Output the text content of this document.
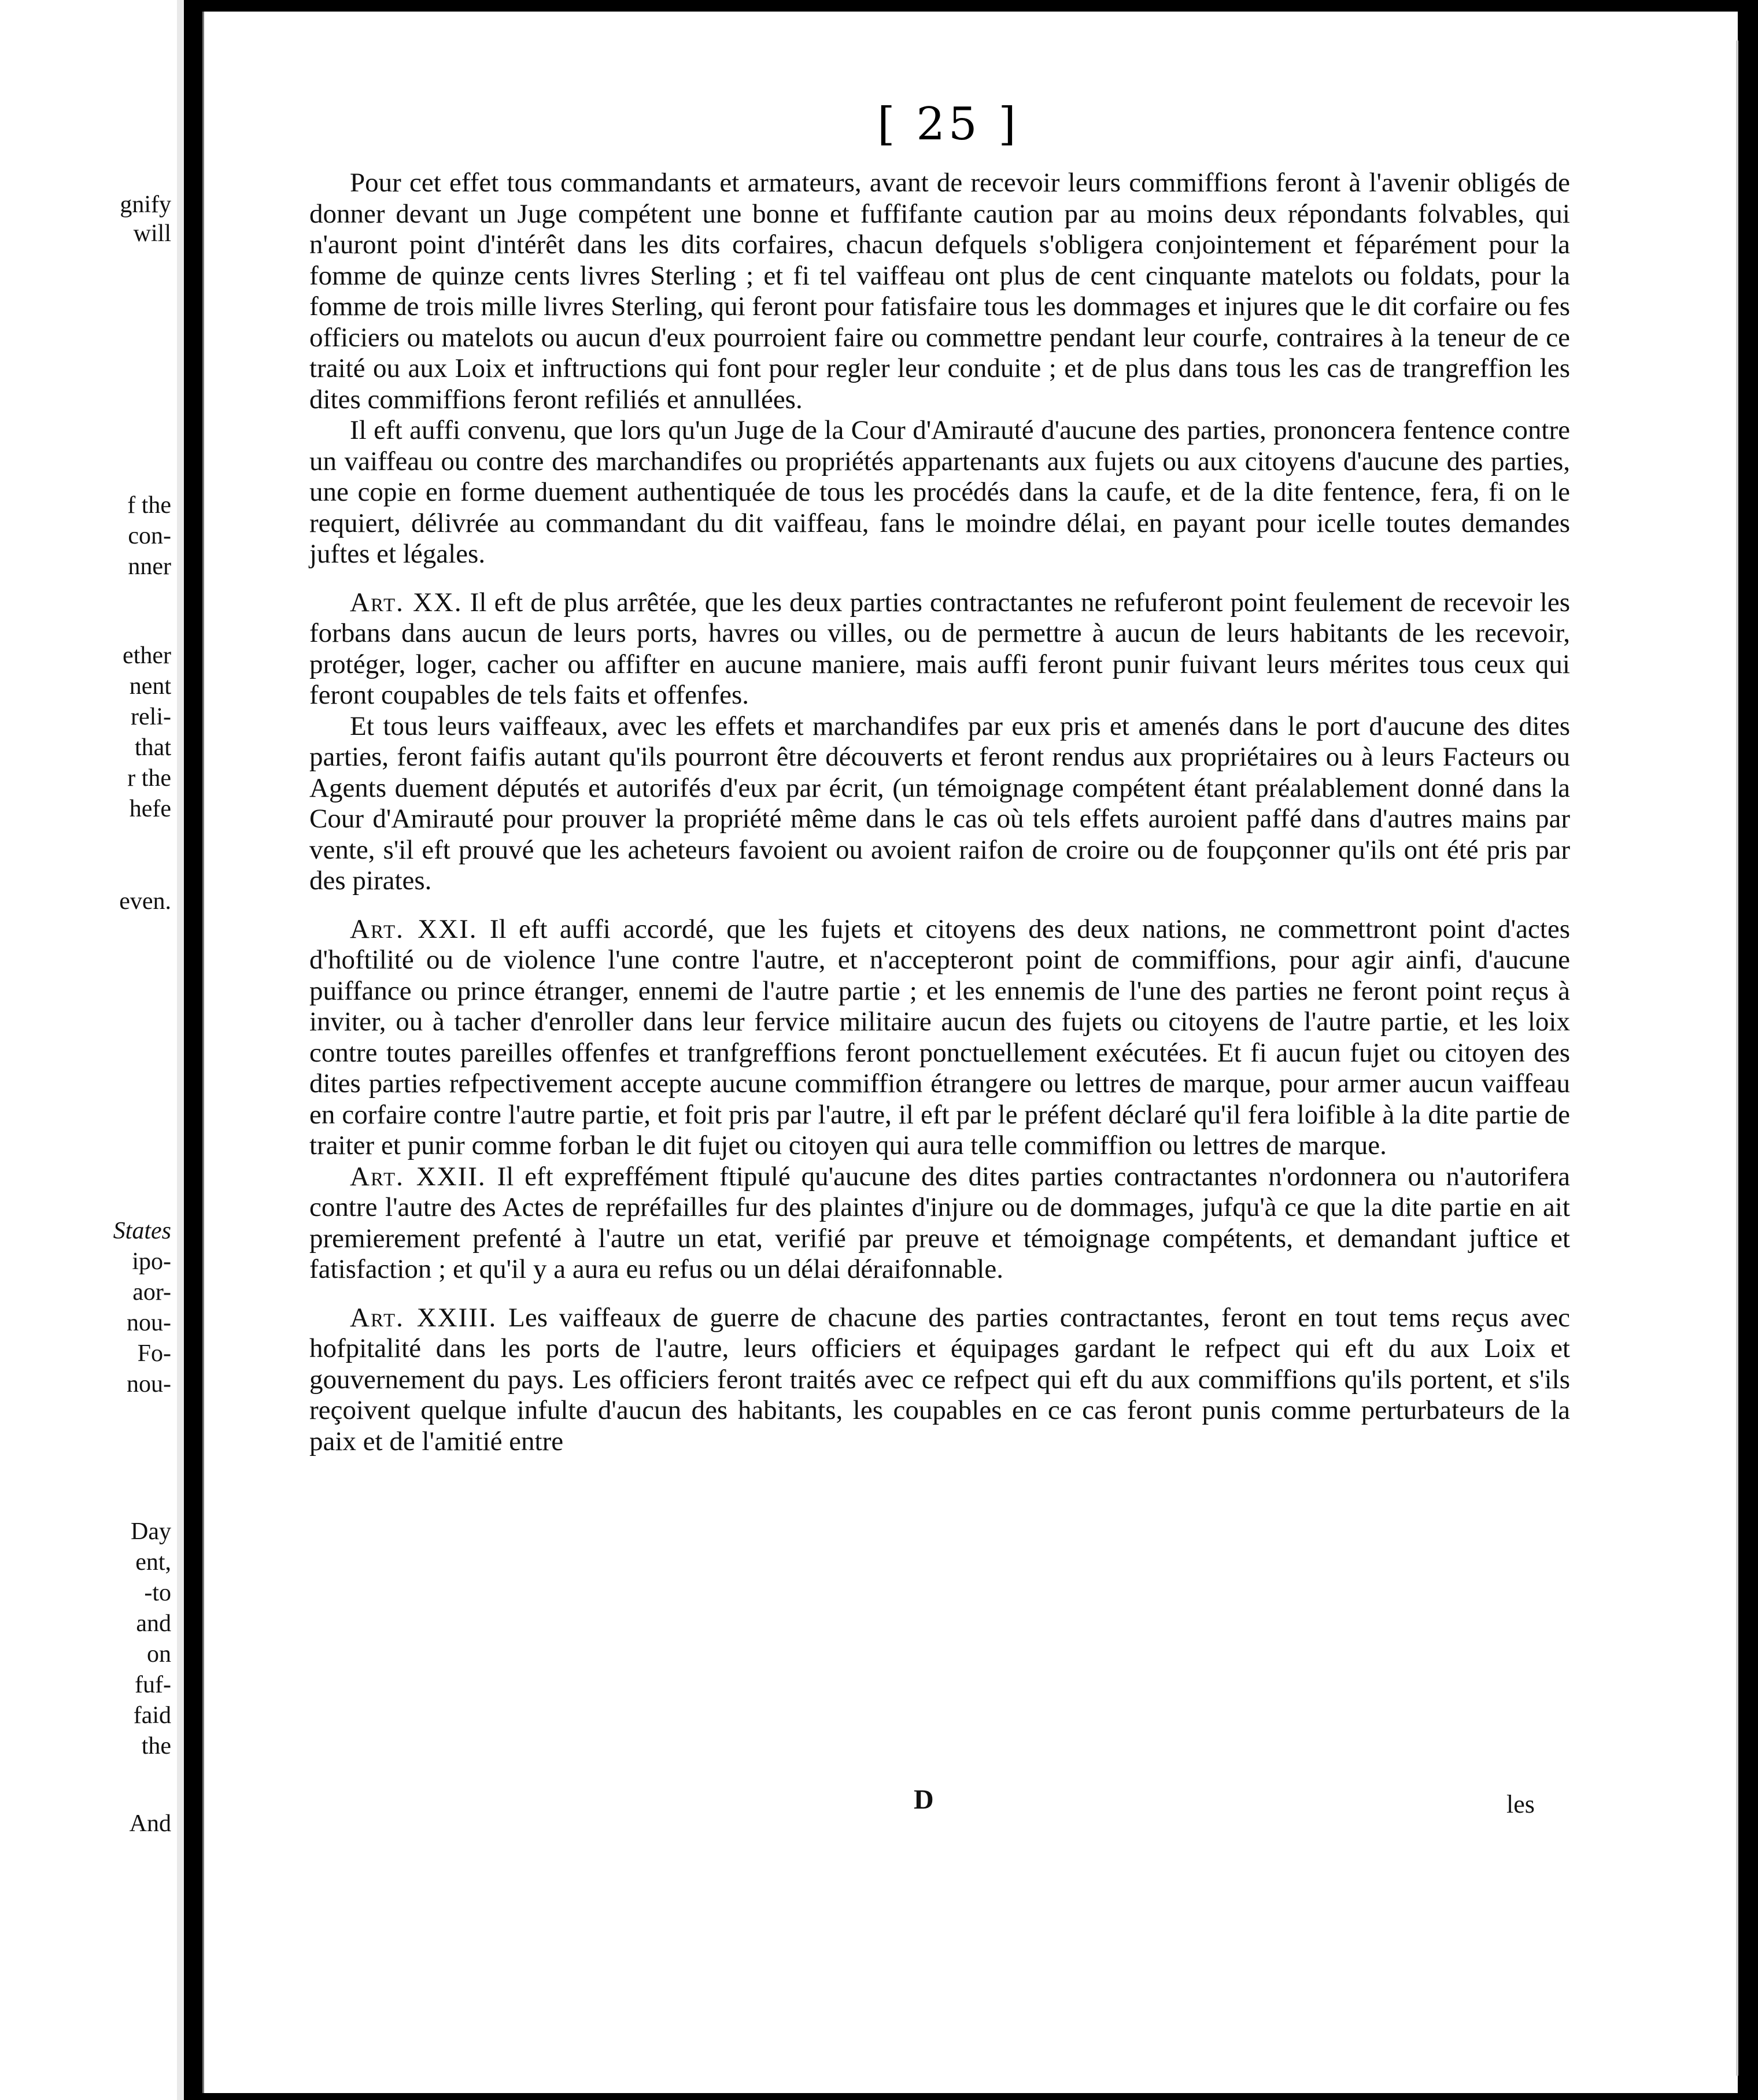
gnify
will
f the
con-
nner
ether
nent
reli-
that
r the
hefe
even.
States
ipo-
aor-
nou-
Fo-
nou-
Day
ent,
-to
and
on
fuf-
faid
the
And
[ 25 ]

Pour cet effet tous commandants et armateurs, avant de recevoir leurs commiffions feront à l'avenir obligés de donner devant un Juge compétent une bonne et fuffifante caution par au moins deux répondants folvables, qui n'auront point d'intérêt dans les dits corfaires, chacun defquels s'obligera conjointement et féparément pour la fomme de quinze cents livres Sterling ; et fi tel vaiffeau ont plus de cent cinquante matelots ou foldats, pour la fomme de trois mille livres Sterling, qui feront pour fatisfaire tous les dommages et injures que le dit corfaire ou fes officiers ou matelots ou aucun d'eux pourroient faire ou commettre pendant leur courfe, contraires à la teneur de ce traité ou aux Loix et inftructions qui font pour regler leur conduite ; et de plus dans tous les cas de trangreffion les dites commiffions feront refiliés et annullées.

Il eft auffi convenu, que lors qu'un Juge de la Cour d'Amirauté d'aucune des parties, prononcera fentence contre un vaiffeau ou contre des marchandifes ou propriétés appartenants aux fujets ou aux citoyens d'aucune des parties, une copie en forme duement authentiquée de tous les procédés dans la caufe, et de la dite fentence, fera, fi on le requiert, délivrée au commandant du dit vaiffeau, fans le moindre délai, en payant pour icelle toutes demandes juftes et légales.

Art. XX. Il eft de plus arrêtée, que les deux parties contractantes ne refuferont point feulement de recevoir les forbans dans aucun de leurs ports, havres ou villes, ou de permettre à aucun de leurs habitants de les recevoir, protéger, loger, cacher ou affifter en aucune maniere, mais auffi feront punir fuivant leurs mérites tous ceux qui feront coupables de tels faits et offenfes.

Et tous leurs vaiffeaux, avec les effets et marchandifes par eux pris et amenés dans le port d'aucune des dites parties, feront faifis autant qu'ils pourront être découverts et feront rendus aux propriétaires ou à leurs Facteurs ou Agents duement députés et autorifés d'eux par écrit, (un témoignage compétent étant préalablement donné dans la Cour d'Amirauté pour prouver la propriété même dans le cas où tels effets auroient paffé dans d'autres mains par vente, s'il eft prouvé que les acheteurs favoient ou avoient raifon de croire ou de foupçonner qu'ils ont été pris par des pirates.

Art. XXI. Il eft auffi accordé, que les fujets et citoyens des deux nations, ne commettront point d'actes d'hoftilité ou de violence l'une contre l'autre, et n'accepteront point de commiffions, pour agir ainfi, d'aucune puiffance ou prince étranger, ennemi de l'autre partie ; et les ennemis de l'une des parties ne feront point reçus à inviter, ou à tacher d'enroller dans leur fervice militaire aucun des fujets ou citoyens de l'autre partie, et les loix contre toutes pareilles offenfes et tranfgreffions feront ponctuellement exécutées. Et fi aucun fujet ou citoyen des dites parties refpectivement accepte aucune commiffion étrangere ou lettres de marque, pour armer aucun vaiffeau en corfaire contre l'autre partie, et foit pris par l'autre, il eft par le préfent déclaré qu'il fera loifible à la dite partie de traiter et punir comme forban le dit fujet ou citoyen qui aura telle commiffion ou lettres de marque.

Art. XXII. Il eft expreffément ftipulé qu'aucune des dites parties contractantes n'ordonnera ou n'autorifera contre l'autre des Actes de repréfailles fur des plaintes d'injure ou de dommages, jufqu'à ce que la dite partie en ait premierement prefenté à l'autre un etat, verifié par preuve et témoignage compétents, et demandant juftice et fatisfaction ; et qu'il y a aura eu refus ou un délai déraifonnable.

Art. XXIII. Les vaiffeaux de guerre de chacune des parties contractantes, feront en tout tems reçus avec hofpitalité dans les ports de l'autre, leurs officiers et équipages gardant le refpect qui eft du aux Loix et gouvernement du pays. Les officiers feront traités avec ce refpect qui eft du aux commiffions qu'ils portent, et s'ils reçoivent quelque infulte d'aucun des habitants, les coupables en ce cas feront punis comme perturbateurs de la paix et de l'amitié entre

D	les
